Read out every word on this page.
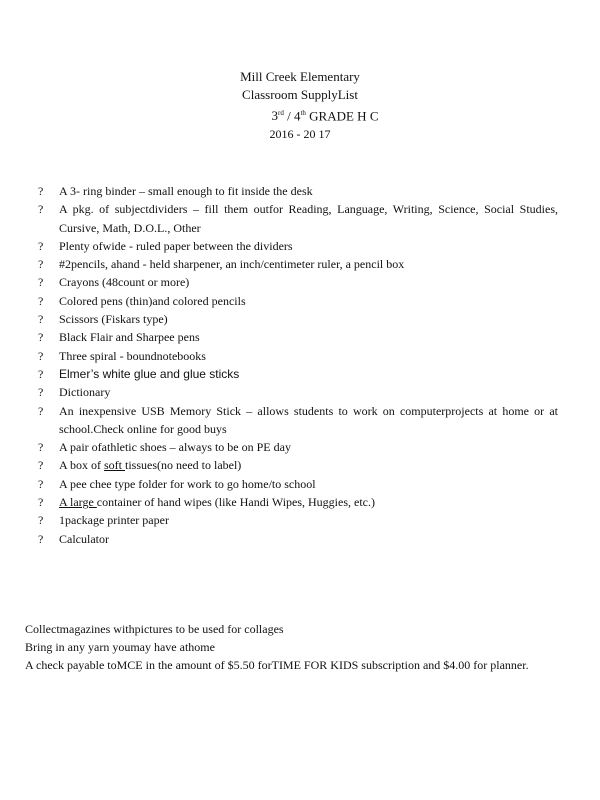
Mill Creek Elementary
Classroom SupplyList
3rd / 4th GRADE H C
2016 - 20 17
?	A 3- ring binder – small enough to fit inside the desk
?	A pkg. of subjectdividers – fill them outfor Reading, Language, Writing, Science, Social Studies, Cursive, Math, D.O.L., Other
?	Plenty ofwide - ruled paper between the dividers
?	#2pencils, ahand - held sharpener, an inch/centimeter ruler, a pencil box
?	Crayons (48count or more)
?	Colored pens (thin)and colored pencils
?	Scissors (Fiskars type)
?	Black Flair and Sharpee pens
?	Three spiral - boundnotebooks
?	Elmer’s white glue and glue sticks
?	Dictionary
?	An inexpensive USB Memory Stick – allows students to work on computerprojects at home or at school.Check online for good buys
?	A pair ofathletic shoes – always to be on PE day
?	A box of soft tissues(no need to label)
?	A pee chee type folder for work to go home/to school
?	A large container of hand wipes (like Handi Wipes, Huggies, etc.)
?	1package printer paper
?	Calculator

Collectmagazines withpictures to be used for collages

Bring in any yarn youmay have athome

A check payable toMCE in the amount of $5.50 forTIME FOR KIDS subscription and $4.00 for planner.
